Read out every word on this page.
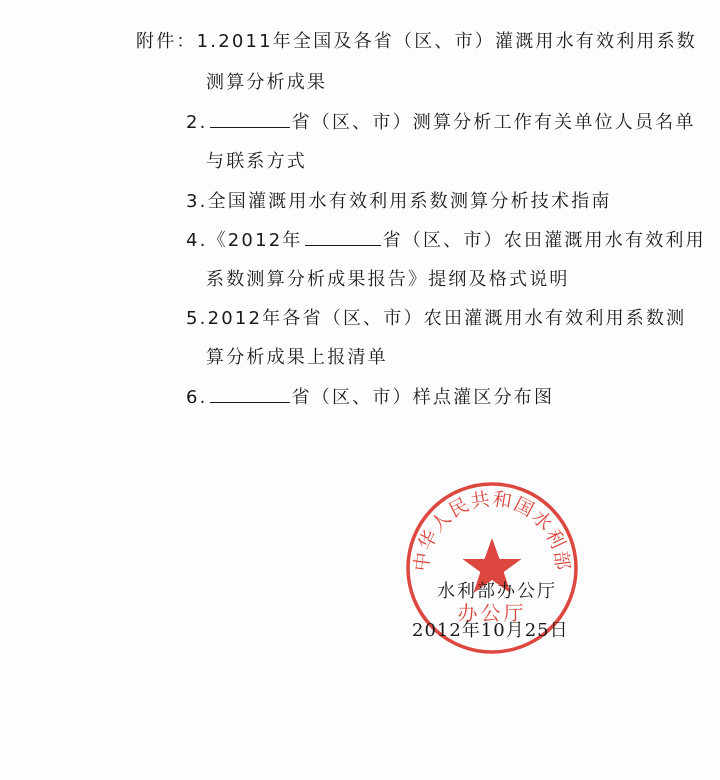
附件：1.2011年全国及各省（区、市）灌溉用水有效利用系数
测算分析成果
2.	省（区、市）测算分析工作有关单位人员名单
与联系方式
3.全国灌溉用水有效利用系数测算分析技术指南
4.《2012年	省（区、市）农田灌溉用水有效利用
系数测算分析成果报告》提纲及格式说明
5.2012年各省（区、市）农田灌溉用水有效利用系数测
算分析成果上报清单
6.	省（区、市）样点灌区分布图
中华人民共和国水利部
办公厅
水利部办公厅
2012年10月25日
